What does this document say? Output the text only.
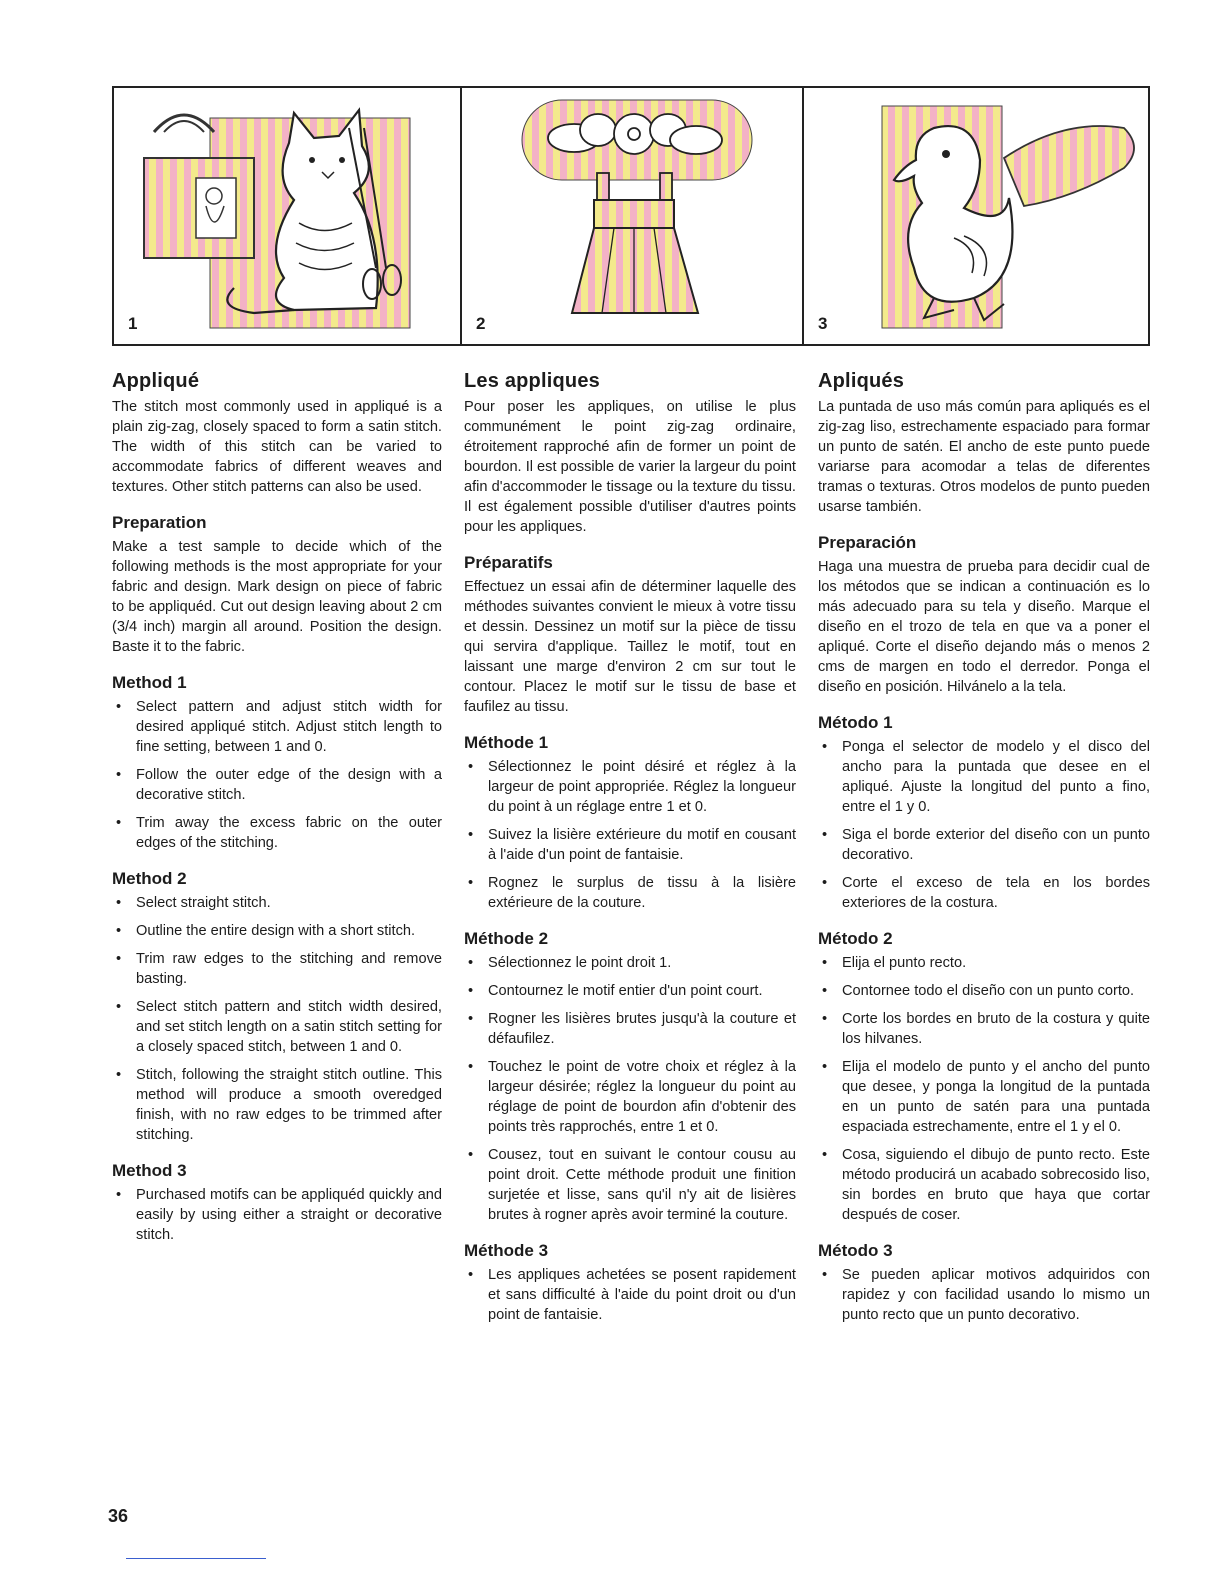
1	2	3
Appliqué

The stitch most commonly used in appliqué is a plain zig-zag, closely spaced to form a satin stitch. The width of this stitch can be varied to accommodate fabrics of different weaves and textures. Other stitch patterns can also be used.

Preparation

Make a test sample to decide which of the following methods is the most appropriate for your fabric and design. Mark design on piece of fabric to be appliquéd. Cut out design leaving about 2 cm (3/4 inch) margin all around. Position the design. Baste it to the fabric.

Method 1
• Select pattern and adjust stitch width for desired appliqué stitch. Adjust stitch length to fine setting, between 1 and 0.
• Follow the outer edge of the design with a decorative stitch.
• Trim away the excess fabric on the outer edges of the stitching.
Method 2
• Select straight stitch.
• Outline the entire design with a short stitch.
• Trim raw edges to the stitching and remove basting.
• Select stitch pattern and stitch width desired, and set stitch length on a satin stitch setting for a closely spaced stitch, between 1 and 0.
• Stitch, following the straight stitch outline. This method will produce a smooth overedged finish, with no raw edges to be trimmed after stitching.
Method 3
• Purchased motifs can be appliquéd quickly and easily by using either a straight or decorative stitch.
Les appliques

Pour poser les appliques, on utilise le plus communément le point zig-zag ordinaire, étroitement rapproché afin de former un point de bourdon. Il est possible de varier la largeur du point afin d'accommoder le tissage ou la texture du tissu. Il est également possible d'utiliser d'autres points pour les appliques.

Préparatifs

Effectuez un essai afin de déterminer laquelle des méthodes suivantes convient le mieux à votre tissu et dessin. Dessinez un motif sur la pièce de tissu qui servira d'applique. Taillez le motif, tout en laissant une marge d'environ 2 cm sur tout le contour. Placez le motif sur le tissu de base et faufilez au tissu.

Méthode 1
• Sélectionnez le point désiré et réglez à la largeur de point appropriée. Réglez la longueur du point à un réglage entre 1 et 0.
• Suivez la lisière extérieure du motif en cousant à l'aide d'un point de fantaisie.
• Rognez le surplus de tissu à la lisière extérieure de la couture.
Méthode 2
• Sélectionnez le point droit 1.
• Contournez le motif entier d'un point court.
• Rogner les lisières brutes jusqu'à la couture et défaufilez.
• Touchez le point de votre choix et réglez à la largeur désirée; réglez la longueur du point au réglage de point de bourdon afin d'obtenir des points très rapprochés, entre 1 et 0.
• Cousez, tout en suivant le contour cousu au point droit. Cette méthode produit une finition surjetée et lisse, sans qu'il n'y ait de lisières brutes à rogner après avoir terminé la couture.
Méthode 3
• Les appliques achetées se posent rapidement et sans difficulté à l'aide du point droit ou d'un point de fantaisie.
Apliqués

La puntada de uso más común para apliqués es el zig-zag liso, estrechamente espaciado para formar un punto de satén. El ancho de este punto puede variarse para acomodar a telas de diferentes tramas o texturas. Otros modelos de punto pueden usarse también.

Preparación

Haga una muestra de prueba para decidir cual de los métodos que se indican a continuación es lo más adecuado para su tela y diseño. Marque el diseño en el trozo de tela en que va a poner el apliqué. Corte el diseño dejando más o menos 2 cms de margen en todo el derredor. Ponga el diseño en posición. Hilvánelo a la tela.

Método 1
• Ponga el selector de modelo y el disco del ancho para la puntada que desee en el apliqué. Ajuste la longitud del punto a fino, entre el 1 y 0.
• Siga el borde exterior del diseño con un punto decorativo.
• Corte el exceso de tela en los bordes exteriores de la costura.
Método 2
• Elija el punto recto.
• Contornee todo el diseño con un punto corto.
• Corte los bordes en bruto de la costura y quite los hilvanes.
• Elija el modelo de punto y el ancho del punto que desee, y ponga la longitud de la puntada en un punto de satén para una puntada espaciada estrechamente, entre el 1 y el 0.
• Cosa, siguiendo el dibujo de punto recto. Este método producirá un acabado sobrecosido liso, sin bordes en bruto que haya que cortar después de coser.
Método 3
• Se pueden aplicar motivos adquiridos con rapidez y con facilidad usando lo mismo un punto recto que un punto decorativo.
36
